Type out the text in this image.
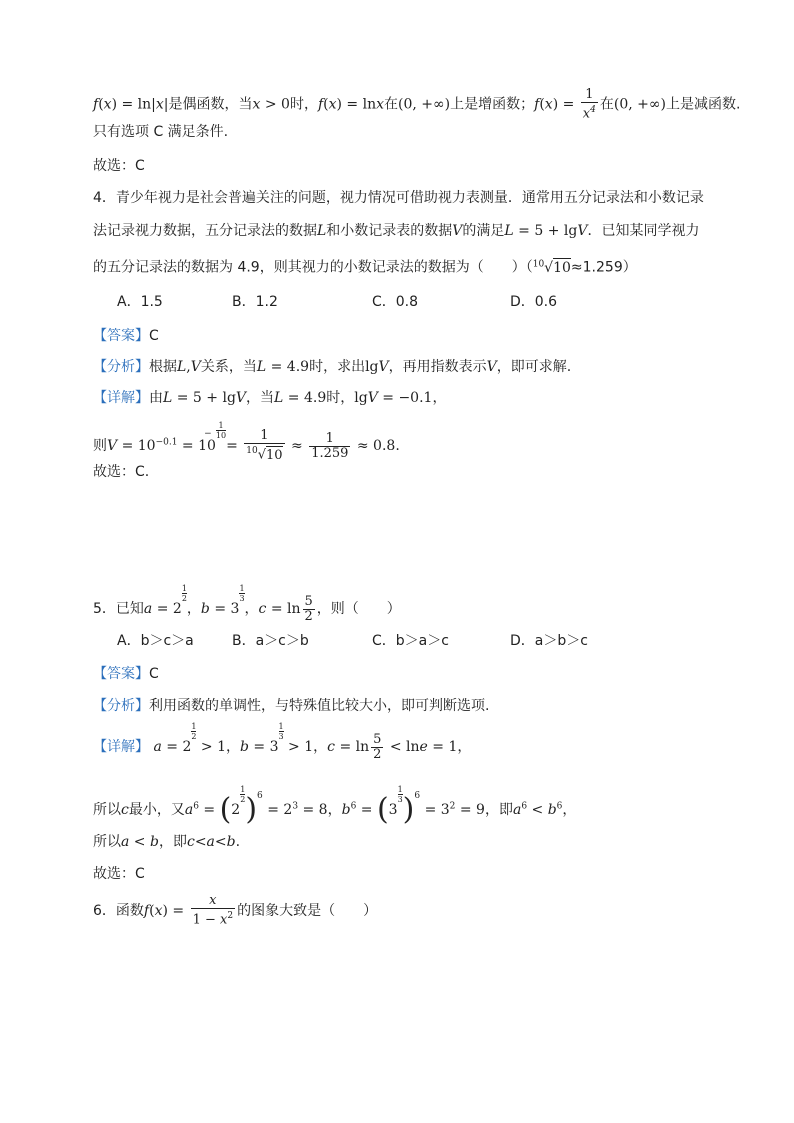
f(x) = ln|x|是偶函数，当x > 0时，f(x) = lnx在(0, +∞)上是增函数；$f(x) = \frac{1}{x^4}$ 在(0, +∞)上是减函数.
只有选项 C 满足条件.
故选：C
4．青少年视力是社会普遍关注的问题，视力情况可借助视力表测量．通常用五分记录法和小数记录
法记录视力数据，五分记录法的数据L和小数记录表的数据V的满足L = 5 + lgV．已知某同学视力
的五分记录法的数据为 4.9，则其视力的小数记录法的数据为（　　）（$^{10}$√10≈1.259）
A．1.5	B．1.2	C．0.8	D．0.6
【答案】C
【分析】根据L,V关系，当L = 4.9时，求出lgV，再用指数表示V，即可求解.
【详解】由L = 5 + lgV，当L = 4.9时，lgV = −0.1，
则$V = 10^{-0.1} = 10$
$\frac{1}{10}$
$^- = \frac{1}{^{10}√10} \approx \frac{1}{1.259} \approx 0.8$.
故选：C.
5．已知a = 2
$\frac{1}{2}$
，b = 3
$\frac{1}{3}$
，$c = \ln \frac{5}{2}$ ，则（　　）
A．b＞c＞a	B．a＞c＞b	C．b＞a＞c	D．a＞b＞c
【答案】C
【分析】利用函数的单调性，与特殊值比较大小，即可判断选项.
【详解】 a = 2
$\frac{1}{2}$
> 1，b = 3
$\frac{1}{3}$
> 1，$c = \ln \frac{5}{2} < \ln e = 1$，
所以c最小，又$a^6 = (2$
$\frac{1}{2} )^6 = 2^3 = 8$，$b^6 = (3$
$\frac{1}{3} )^6 = 3^2 = 9$，即$a^6 < b^6$，
所以a < b，即c<a<b.
故选：C
6．函数$f(x) = \frac{x}{1 - x^2}$ 的图象大致是（　　）
